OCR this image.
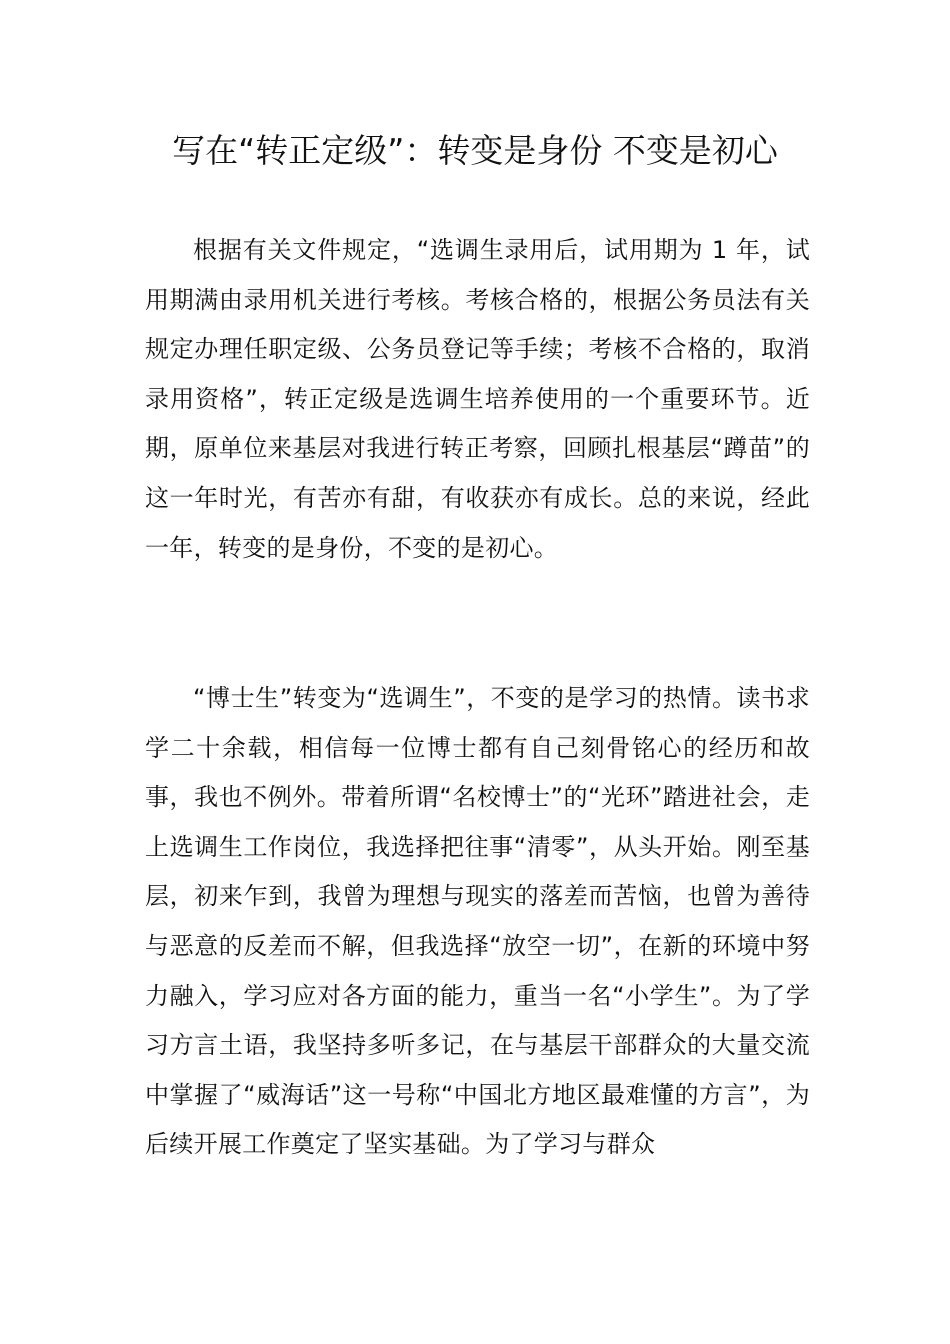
写在“转正定级”：转变是身份 不变是初心

根据有关文件规定，“选调生录用后，试用期为 1 年，试用期满由录用机关进行考核。考核合格的，根据公务员法有关规定办理任职定级、公务员登记等手续；考核不合格的，取消录用资格”，转正定级是选调生培养使用的一个重要环节。近期，原单位来基层对我进行转正考察，回顾扎根基层“蹲苗”的这一年时光，有苦亦有甜，有收获亦有成长。总的来说，经此一年，转变的是身份，不变的是初心。

“博士生”转变为“选调生”，不变的是学习的热情。读书求学二十余载，相信每一位博士都有自己刻骨铭心的经历和故事，我也不例外。带着所谓“名校博士”的“光环”踏进社会，走上选调生工作岗位，我选择把往事“清零”，从头开始。刚至基层，初来乍到，我曾为理想与现实的落差而苦恼，也曾为善待与恶意的反差而不解，但我选择“放空一切”，在新的环境中努力融入，学习应对各方面的能力，重当一名“小学生”。为了学习方言土语，我坚持多听多记，在与基层干部群众的大量交流中掌握了“威海话”这一号称“中国北方地区最难懂的方言”，为后续开展工作奠定了坚实基础。为了学习与群众
